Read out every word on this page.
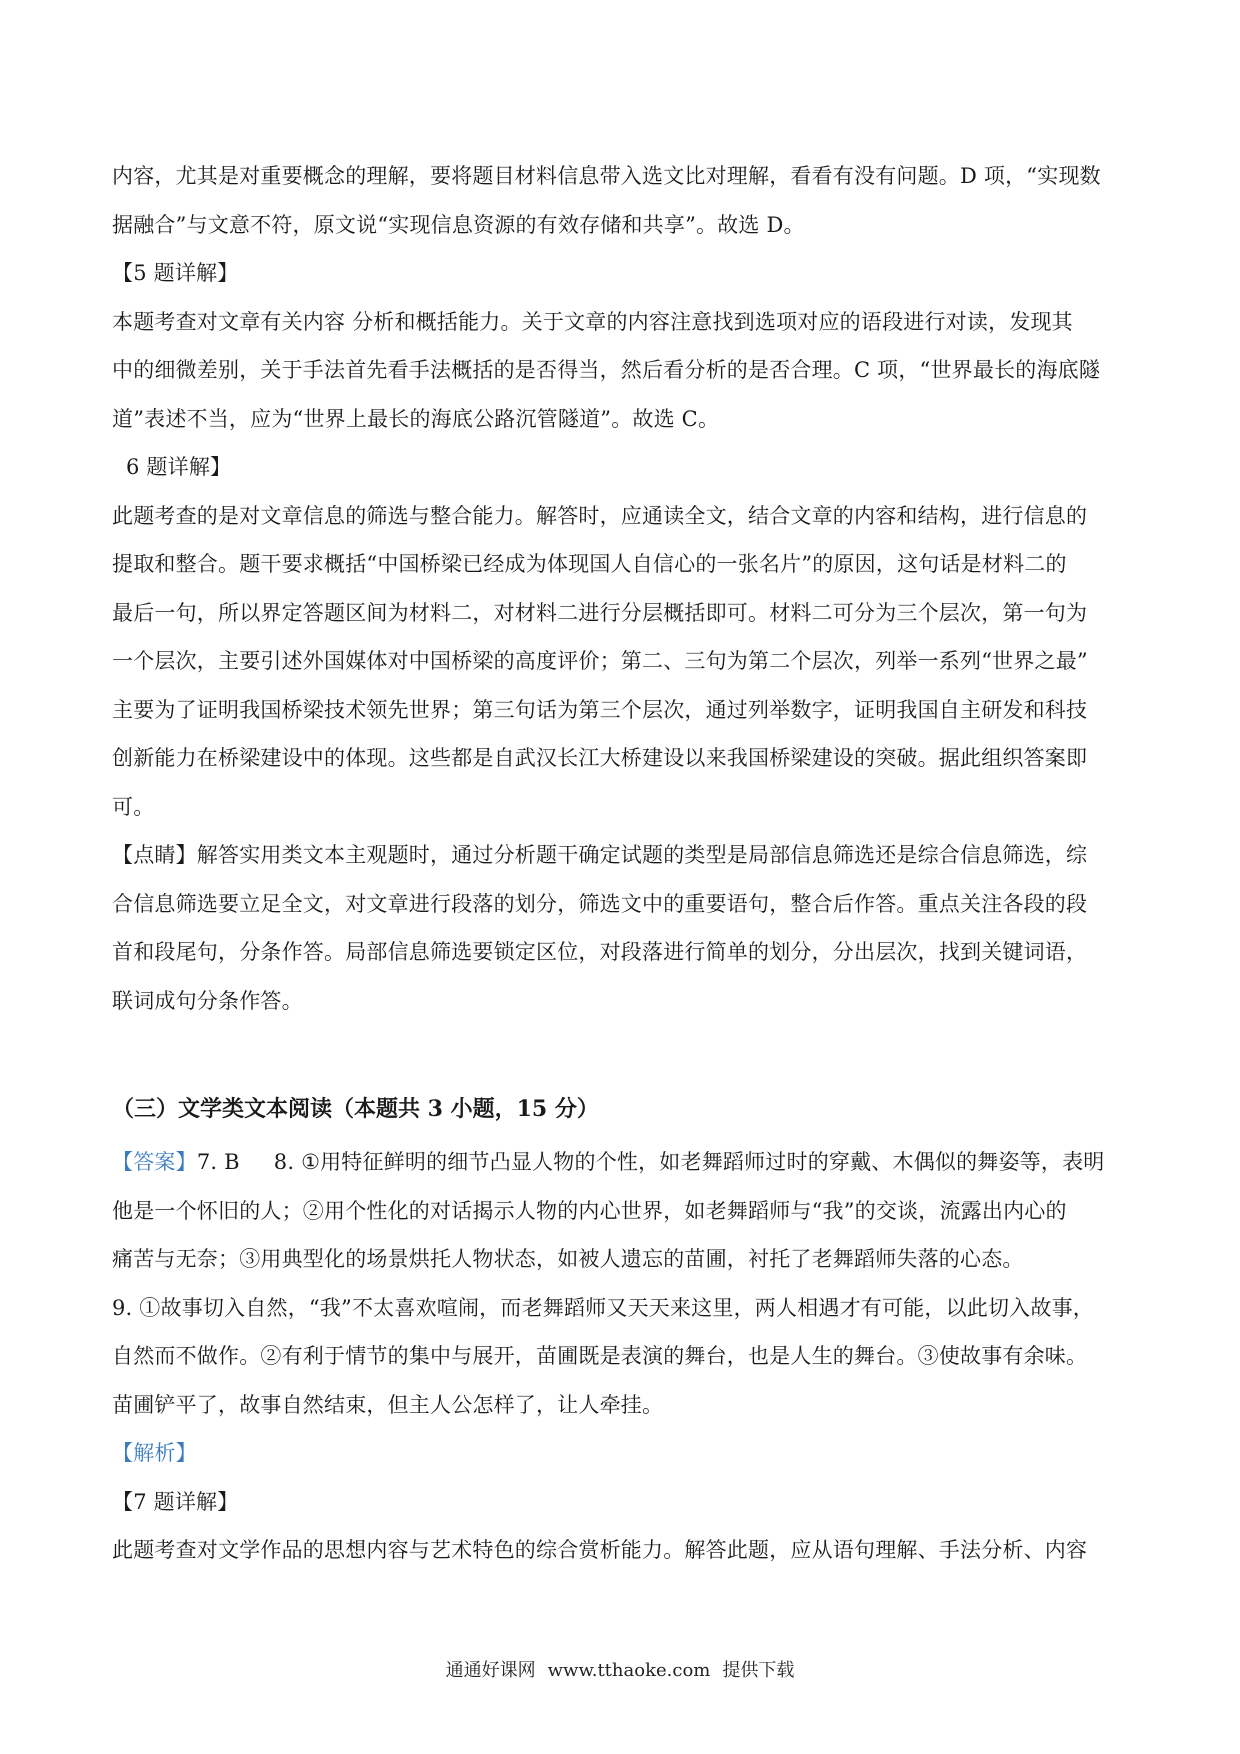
内容，尤其是对重要概念的理解，要将题目材料信息带入选文比对理解，看看有没有问题。D 项，“实现数
据融合”与文意不符，原文说“实现信息资源的有效存储和共享”。故选 D。

【5 题详解】

本题考查对文章有关内容 分析和概括能力。关于文章的内容注意找到选项对应的语段进行对读，发现其
中的细微差别，关于手法首先看手法概括的是否得当，然后看分析的是否合理。C 项，“世界最长的海底隧
道”表述不当，应为“世界上最长的海底公路沉管隧道”。故选 C。

6 题详解】

此题考查的是对文章信息的筛选与整合能力。解答时，应通读全文，结合文章的内容和结构，进行信息的
提取和整合。题干要求概括“中国桥梁已经成为体现国人自信心的一张名片”的原因，这句话是材料二的
最后一句，所以界定答题区间为材料二，对材料二进行分层概括即可。材料二可分为三个层次，第一句为
一个层次，主要引述外国媒体对中国桥梁的高度评价；第二、三句为第二个层次，列举一系列“世界之最”
主要为了证明我国桥梁技术领先世界；第三句话为第三个层次，通过列举数字，证明我国自主研发和科技
创新能力在桥梁建设中的体现。这些都是自武汉长江大桥建设以来我国桥梁建设的突破。据此组织答案即
可。

【点睛】解答实用类文本主观题时，通过分析题干确定试题的类型是局部信息筛选还是综合信息筛选，综
合信息筛选要立足全文，对文章进行段落的划分，筛选文中的重要语句，整合后作答。重点关注各段的段
首和段尾句，分条作答。局部信息筛选要锁定区位，对段落进行简单的划分，分出层次，找到关键词语，
联词成句分条作答。

（三）文学类文本阅读（本题共 3 小题，15 分）

【答案】7. B 8. ①用特征鲜明的细节凸显人物的个性，如老舞蹈师过时的穿戴、木偶似的舞姿等，表明

他是一个怀旧的人；②用个性化的对话揭示人物的内心世界，如老舞蹈师与“我”的交谈，流露出内心的
痛苦与无奈；③用典型化的场景烘托人物状态，如被人遗忘的苗圃，衬托了老舞蹈师失落的心态。
9. ①故事切入自然，“我”不太喜欢喧闹，而老舞蹈师又天天来这里，两人相遇才有可能，以此切入故事，
自然而不做作。②有利于情节的集中与展开，苗圃既是表演的舞台，也是人生的舞台。③使故事有余味。
苗圃铲平了，故事自然结束，但主人公怎样了，让人牵挂。

【解析】

【7 题详解】

此题考查对文学作品的思想内容与艺术特色的综合赏析能力。解答此题，应从语句理解、手法分析、内容

通通好课网 www.tthaoke.com 提供下载
